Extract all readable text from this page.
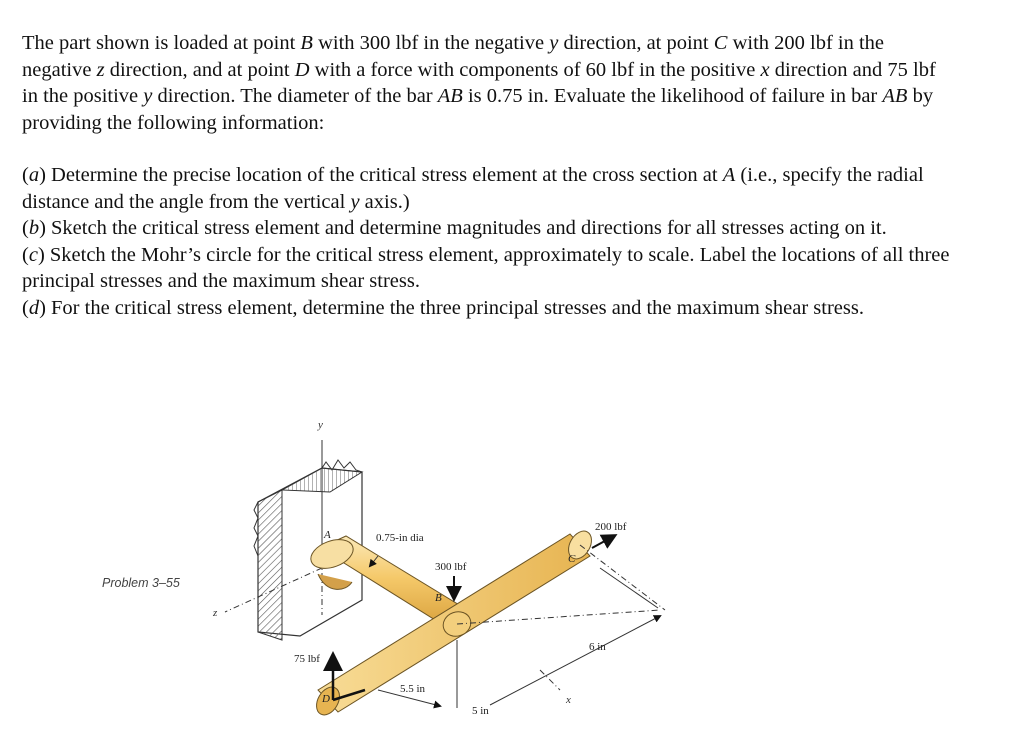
The part shown is loaded at point B with 300 lbf in the negative y direction, at point C with 200 lbf in the negative z direction, and at point D with a force with components of 60 lbf in the positive x direction and 75 lbf in the positive y direction. The diameter of the bar AB is 0.75 in. Evaluate the likelihood of failure in bar AB by providing the following information:

(a) Determine the precise location of the critical stress element at the cross section at A (i.e., specify the radial distance and the angle from the vertical y axis.)

(b) Sketch the critical stress element and determine magnitudes and directions for all stresses acting on it.

(c) Sketch the Mohr’s circle for the critical stress element, approximately to scale. Label the locations of all three principal stresses and the maximum shear stress.

(d) For the critical stress element, determine the three principal stresses and the maximum shear stress.

Problem 3–55
y
z
0.75-in dia
300 lbf
200 lbf
75 lbf
5.5 in
5 in
6 in
A
B
C
D	x
